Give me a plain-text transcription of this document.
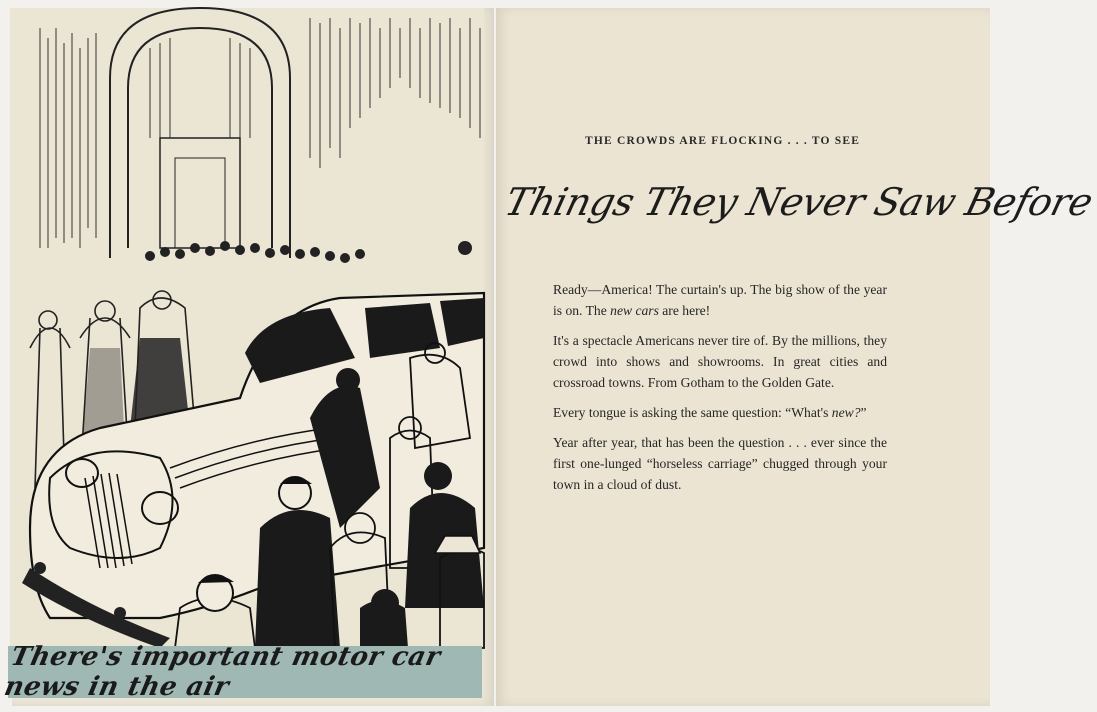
There's important motor car news in the air
THE CROWDS ARE FLOCKING . . . TO SEE
Things They Never Saw Before

Ready—America! The curtain's up. The big show of the year is on. The new cars are here!

It's a spectacle Americans never tire of. By the millions, they crowd into shows and showrooms. In great cities and crossroad towns. From Gotham to the Golden Gate.

Every tongue is asking the same question: “What's new?”

Year after year, that has been the question . . . ever since the first one-lunged “horseless carriage” chugged through your town in a cloud of dust.
